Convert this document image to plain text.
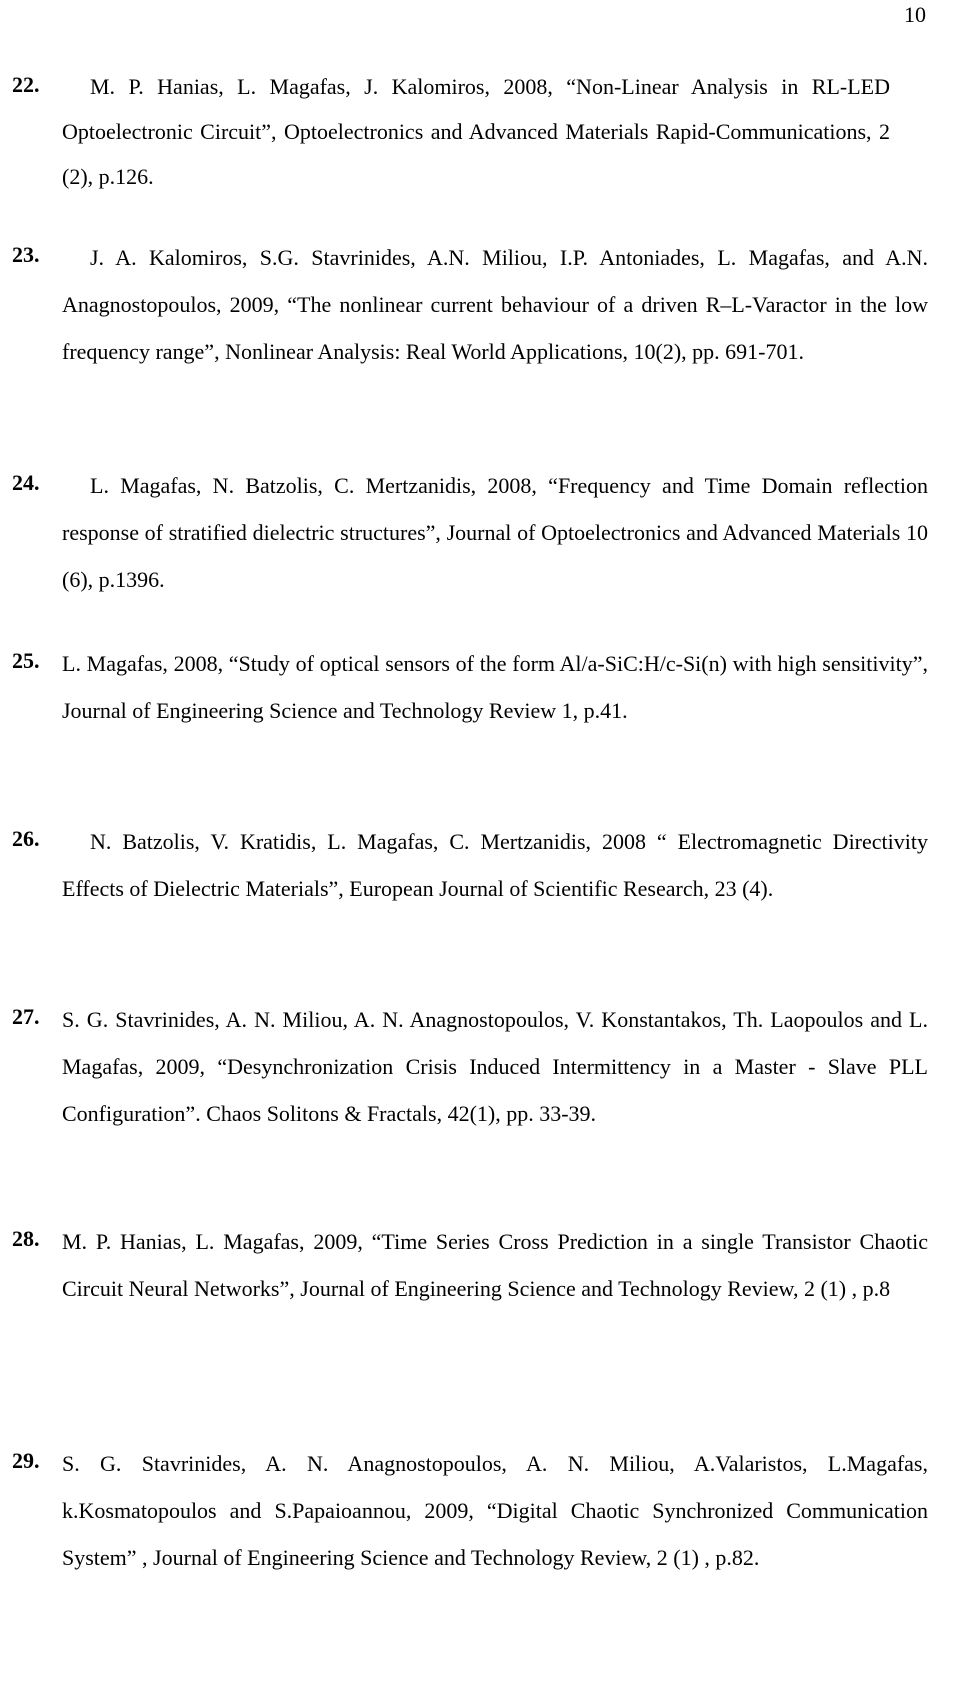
10
22.	M. P. Hanias, L. Magafas, J. Kalomiros, 2008, “Non-Linear Analysis in RL-LED Optoelectronic Circuit”, Optoelectronics and Advanced Materials Rapid-Communications, 2 (2), p.126.
23.	J. A. Kalomiros, S.G. Stavrinides, A.N. Miliou, I.P. Antoniades, L. Magafas, and A.N. Anagnostopoulos, 2009, “The nonlinear current behaviour of a driven R–L-Varactor in the low frequency range”, Nonlinear Analysis: Real World Applications, 10(2), pp. 691-701.
24.	L. Magafas, N. Batzolis, C. Mertzanidis, 2008, “Frequency and Time Domain reflection response of stratified dielectric structures”, Journal of Optoelectronics and Advanced Materials 10 (6), p.1396.
25. L. Magafas, 2008, “Study of optical sensors of the form Al/a-SiC:H/c-Si(n) with high sensitivity”, Journal of Engineering Science and Technology Review 1, p.41.
26.	N. Batzolis, V. Kratidis, L. Magafas, C. Mertzanidis, 2008 “ Electromagnetic Directivity Effects of Dielectric Materials”, European Journal of Scientific Research, 23 (4).
27. S. G. Stavrinides, A. N. Miliou, A. N. Anagnostopoulos, V. Konstantakos, Th. Laopoulos and L. Magafas, 2009, “Desynchronization Crisis Induced Intermittency in a Master - Slave PLL Configuration”. Chaos Solitons & Fractals, 42(1), pp. 33-39.
28. M. P. Hanias, L. Magafas, 2009, “Time Series Cross Prediction in a single Transistor Chaotic Circuit Neural Networks”, Journal of Engineering Science and Technology Review, 2 (1) , p.8
29. S. G. Stavrinides, A. N. Anagnostopoulos, A. N. Miliou, A.Valaristos, L.Magafas, k.Kosmatopoulos and S.Papaioannou, 2009, “Digital Chaotic Synchronized Communication System” , Journal of Engineering Science and Technology Review, 2 (1) , p.82.
